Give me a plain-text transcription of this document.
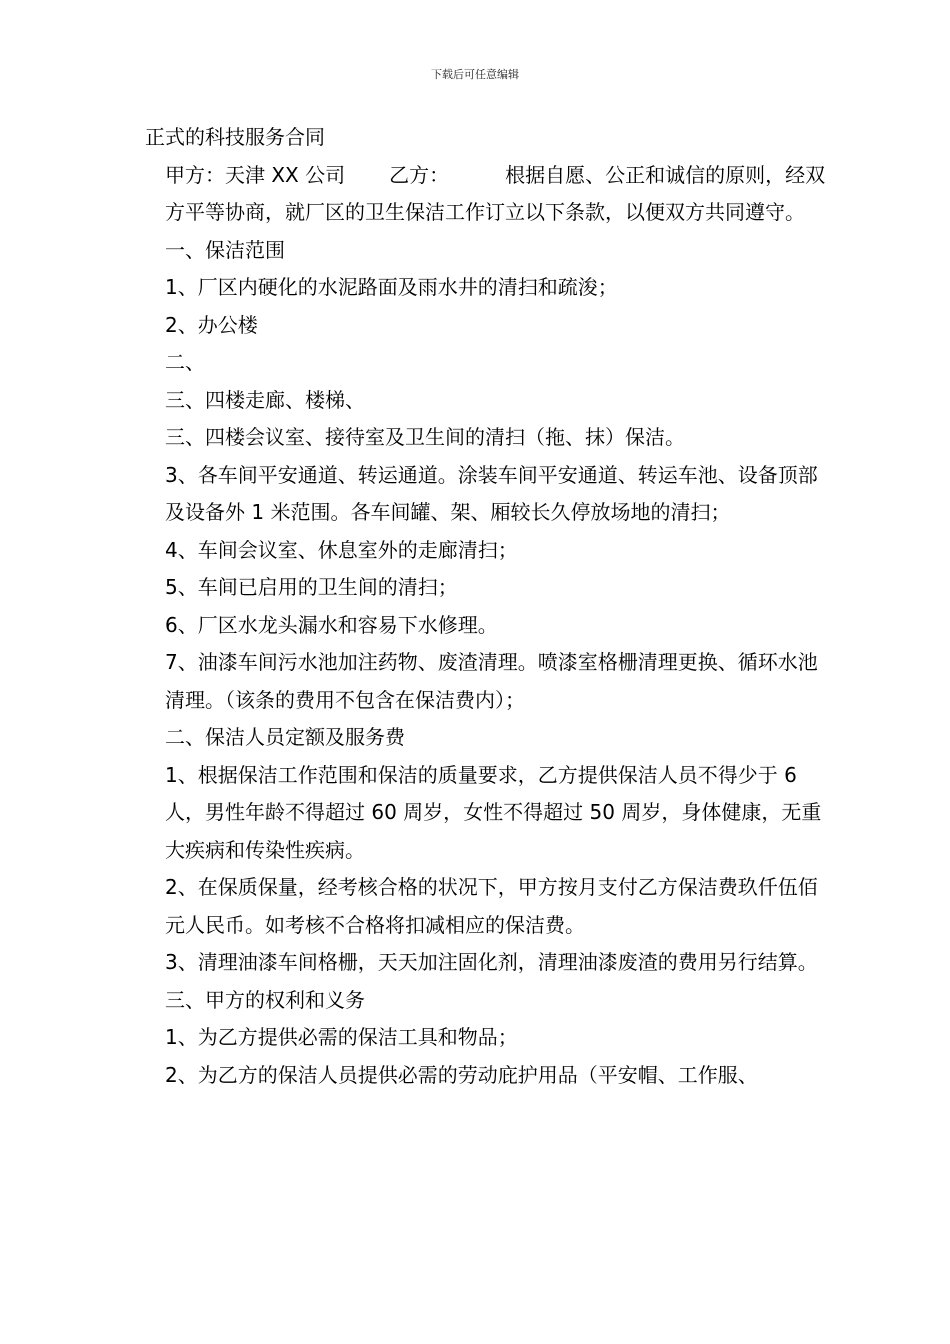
下载后可任意编辑

正式的科技服务合同

甲方：天津 XX 公司 乙方：	根据自愿、公正和诚信的原则，经双方平等协商，就厂区的卫生保洁工作订立以下条款，以便双方共同遵守。

一、保洁范围

1、厂区内硬化的水泥路面及雨水井的清扫和疏浚；

2、办公楼

二、

三、四楼走廊、楼梯、

三、四楼会议室、接待室及卫生间的清扫（拖、抹）保洁。

3、各车间平安通道、转运通道。涂装车间平安通道、转运车池、设备顶部及设备外 1 米范围。各车间罐、架、厢较长久停放场地的清扫；

4、车间会议室、休息室外的走廊清扫；

5、车间已启用的卫生间的清扫；

6、厂区水龙头漏水和容易下水修理。

7、油漆车间污水池加注药物、废渣清理。喷漆室格栅清理更换、循环水池清理。（该条的费用不包含在保洁费内）；

二、保洁人员定额及服务费

1、根据保洁工作范围和保洁的质量要求，乙方提供保洁人员不得少于 6 人，男性年龄不得超过 60 周岁，女性不得超过 50 周岁，身体健康，无重大疾病和传染性疾病。

2、在保质保量，经考核合格的状况下，甲方按月支付乙方保洁费玖仟伍佰元人民币。如考核不合格将扣减相应的保洁费。

3、清理油漆车间格栅，天天加注固化剂，清理油漆废渣的费用另行结算。

三、甲方的权利和义务

1、为乙方提供必需的保洁工具和物品；

2、为乙方的保洁人员提供必需的劳动庇护用品（平安帽、工作服、
